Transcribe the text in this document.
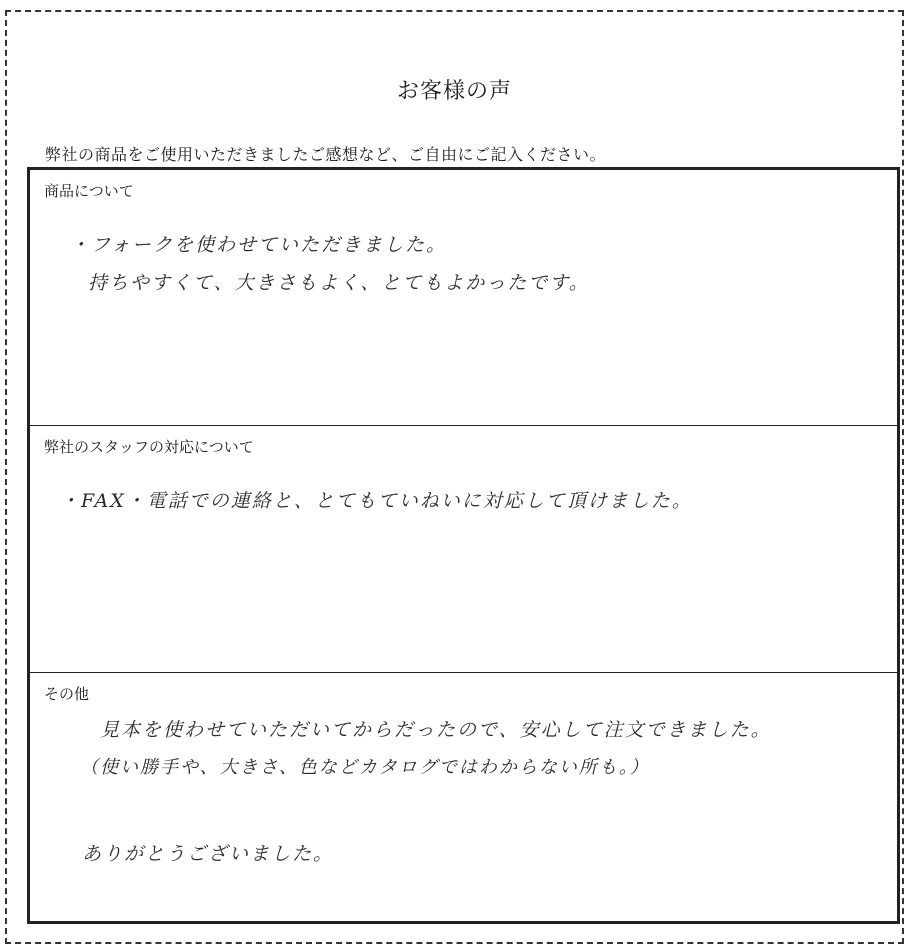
お客様の声
弊社の商品をご使用いただきましたご感想など、ご自由にご記入ください。
商品について
・フォークを使わせていただきました。
持ちやすくて、大きさもよく、とてもよかったです。
弊社のスタッフの対応について
・FAX・電話での連絡と、とてもていねいに対応して頂けました。
その他
見本を使わせていただいてからだったので、安心して注文できました。
（使い勝手や、大きさ、色などカタログではわからない所も。）
ありがとうございました。
